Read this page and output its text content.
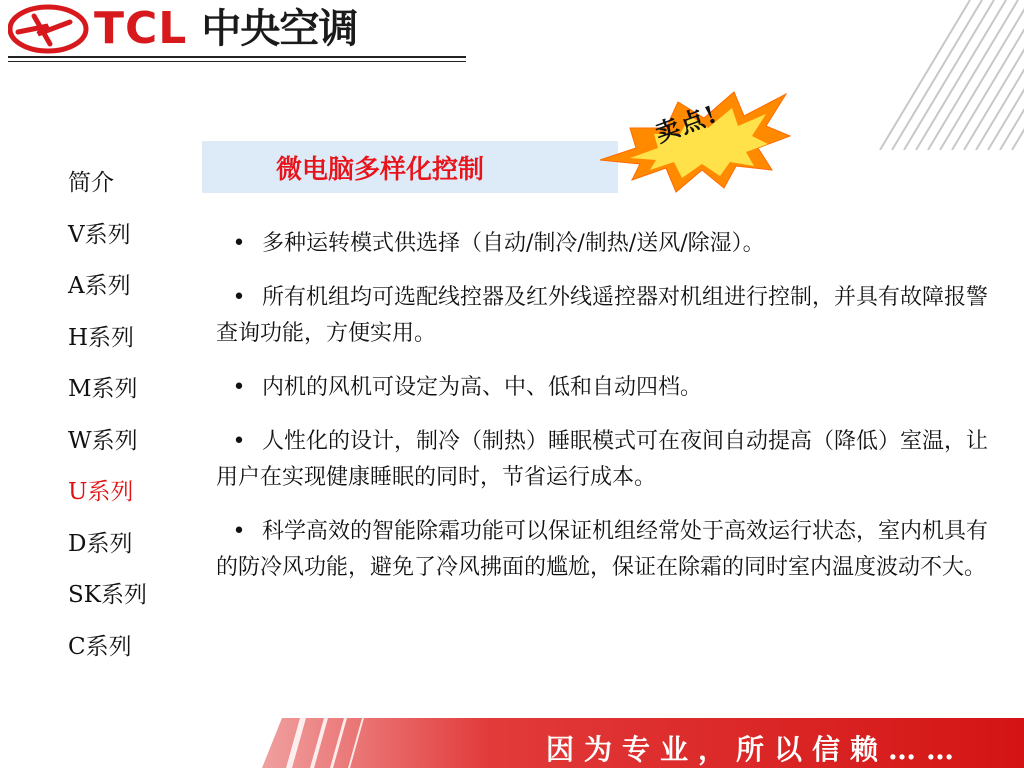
TCL 中央空调
简介
V系列
A系列
H系列
M系列
W系列
U系列
D系列
SK系列
C系列
微电脑多样化控制
卖点!

• 多种运转模式供选择（自动/制冷/制热/送风/除湿）。

• 所有机组均可选配线控器及红外线遥控器对机组进行控制，并具有故障报警查询功能，方便实用。

• 内机的风机可设定为高、中、低和自动四档。

• 人性化的设计，制冷（制热）睡眠模式可在夜间自动提高（降低）室温，让用户在实现健康睡眠的同时，节省运行成本。

• 科学高效的智能除霜功能可以保证机组经常处于高效运行状态，室内机具有的防冷风功能，避免了冷风拂面的尴尬，保证在除霜的同时室内温度波动不大。

因为专业，所以信赖……
